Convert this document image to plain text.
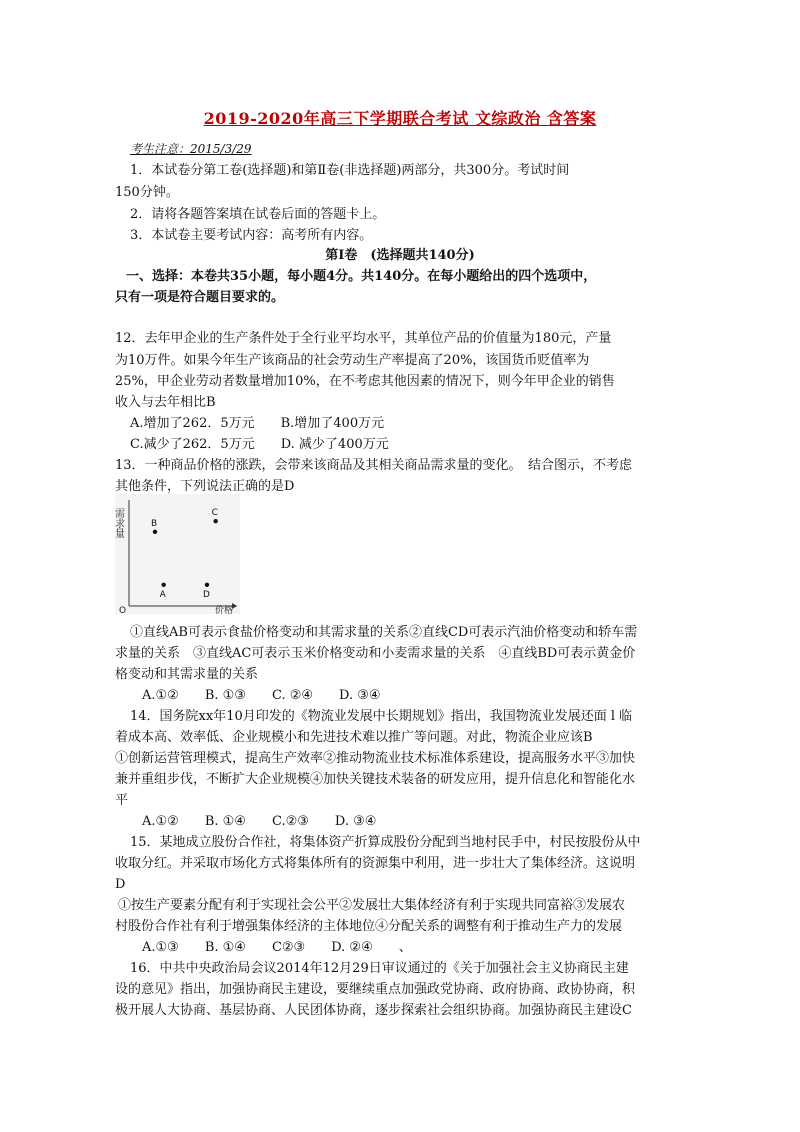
2019-2020年高三下学期联合考试 文综政治 含答案
考生注意：2015/3/29
1．本试卷分第工卷(选择题)和第Ⅱ卷(非选择题)两部分，共300分。考试时间
150分钟。
2．请将各题答案填在试卷后面的答题卡上。
3．本试卷主要考试内容：高考所有内容。
第Ⅰ卷　(选择题共140分)
一、选择：本卷共35小题，每小题4分。共140分。在每小题给出的四个选项中，
只有一项是符合题目要求的。
12．去年甲企业的生产条件处于全行业平均水平，其单位产品的价值量为180元，产量
为10万件。如果今年生产该商品的社会劳动生产率提高了20%，该国货币贬值率为
25%，甲企业劳动者数量增加10%，在不考虑其他因素的情况下，则今年甲企业的销售
收入与去年相比B
A.增加了262．5万元　　B.增加了400万元
C.减少了262．5万元　　D. 减少了400万元
13．一种商品价格的涨跌，会带来该商品及其相关商品需求量的变化。　结合图示，不考虑
其他条件，下列说法正确的是D
需求量
价格
O
A
B
C
D
①直线AB可表示食盐价格变动和其需求量的关系②直线CD可表示汽油价格变动和轿车需
求量的关系　③直线AC可表示玉米价格变动和小麦需求量的关系　④直线BD可表示黄金价
格变动和其需求量的关系
A.①②　　B. ①③　　C. ②④　　D. ③④
14．国务院xx年10月印发的《物流业发展中长期规划》指出，我国物流业发展还面 l 临
着成本高、效率低、企业规模小和先进技术难以推广等问题。对此，物流企业应该B
①创新运营管理模式，提高生产效率②推动物流业技术标准体系建设，提高服务水平③加快
兼并重组步伐，不断扩大企业规模④加快关键技术装备的研发应用，提升信息化和智能化水
平
A.①②　　B. ①④　　C.②③　　D. ③④
15．某地成立股份合作社，将集体资产折算成股份分配到当地村民手中，村民按股份从中
收取分红。并采取市场化方式将集体所有的资源集中利用，进一步壮大了集体经济。这说明
D
①按生产要素分配有利于实现社会公平②发展壮大集体经济有利于实现共同富裕③发展农
村股份合作社有利于增强集体经济的主体地位④分配关系的调整有利于推动生产力的发展
A.①③　　B. ①④　　C②③　　D. ②④　　、
16．中共中央政治局会议2014年12月29日审议通过的《关于加强社会主义协商民主建
设的意见》指出，加强协商民主建设，要继续重点加强政党协商、政府协商、政协协商，积
极开展人大协商、基层协商、人民团体协商，逐步探索社会组织协商。加强协商民主建设C
